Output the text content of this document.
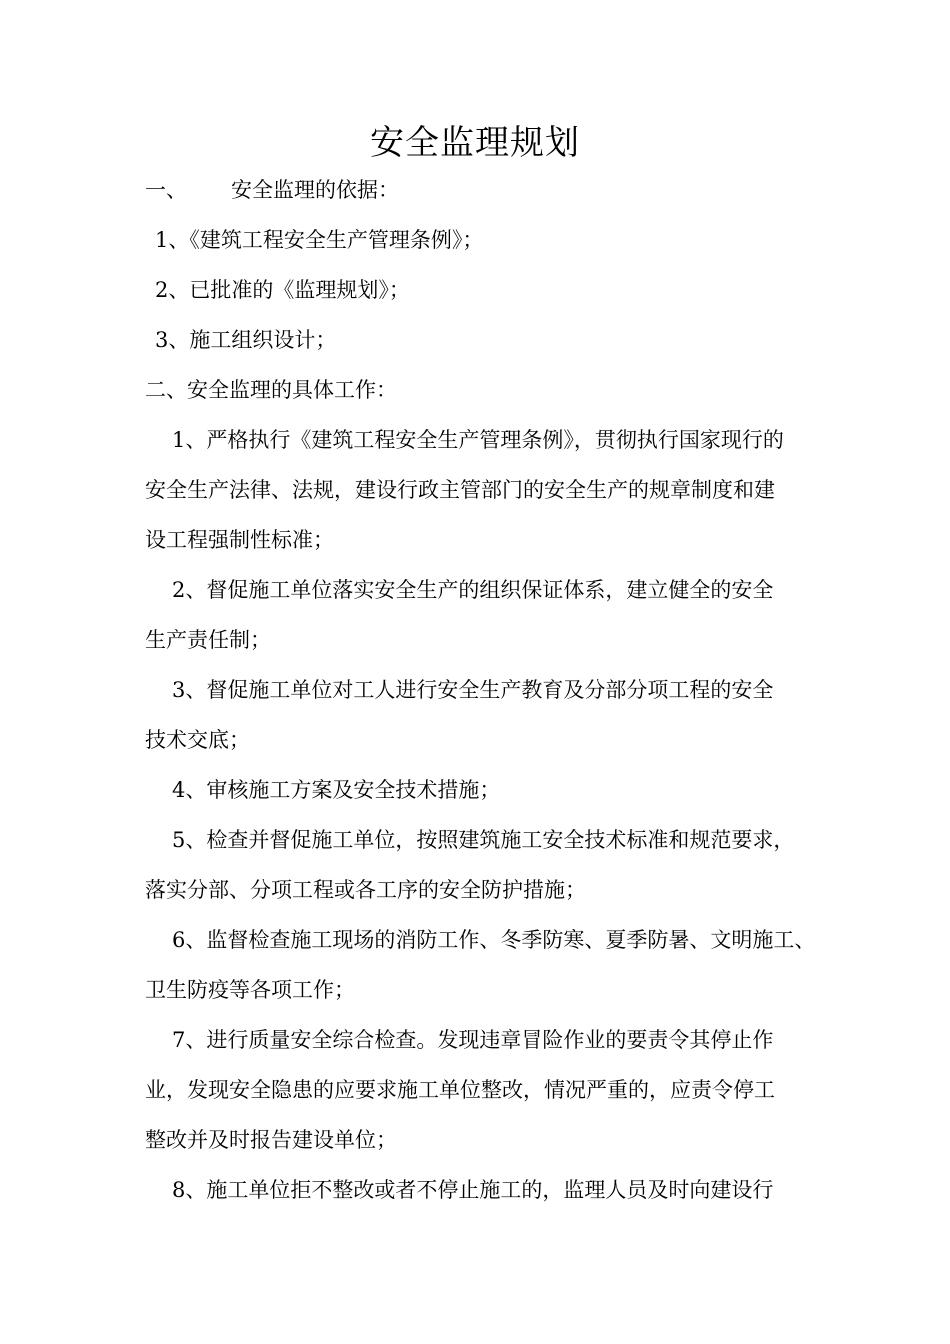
安全监理规划
一、 安全监理的依据：
1、《建筑工程安全生产管理条例》；
2、已批准的《监理规划》；
3、施工组织设计；
二、安全监理的具体工作：
1、严格执行《建筑工程安全生产管理条例》，贯彻执行国家现行的
安全生产法律、法规，建设行政主管部门的安全生产的规章制度和建
设工程强制性标准；
2、督促施工单位落实安全生产的组织保证体系，建立健全的安全
生产责任制；
3、督促施工单位对工人进行安全生产教育及分部分项工程的安全
技术交底；
4、审核施工方案及安全技术措施；
5、检查并督促施工单位，按照建筑施工安全技术标准和规范要求，
落实分部、分项工程或各工序的安全防护措施；
6、监督检查施工现场的消防工作、冬季防寒、夏季防暑、文明施工、
卫生防疫等各项工作；
7、进行质量安全综合检查。发现违章冒险作业的要责令其停止作
业，发现安全隐患的应要求施工单位整改，情况严重的，应责令停工
整改并及时报告建设单位；
8、施工单位拒不整改或者不停止施工的，监理人员及时向建设行
